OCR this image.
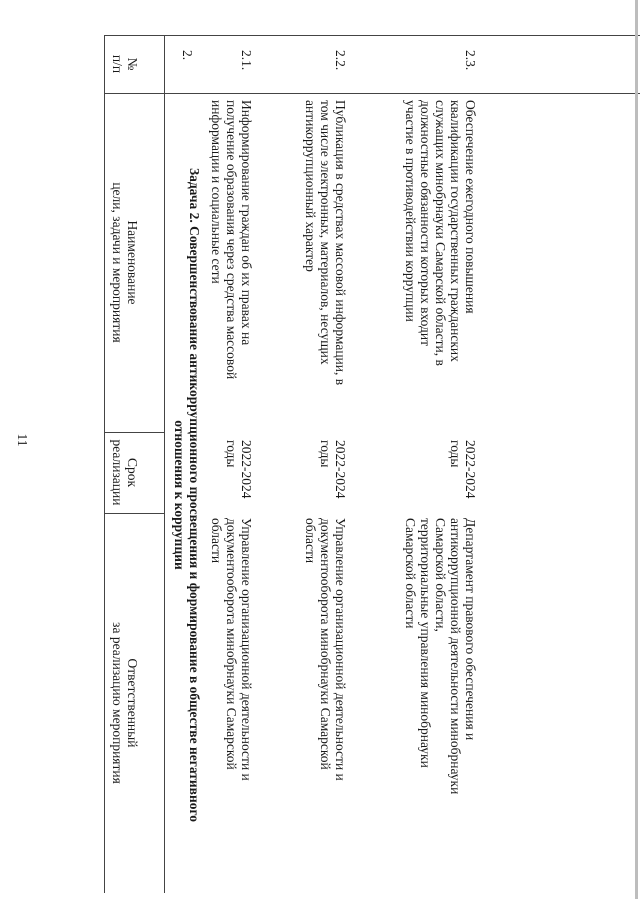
11
№
п/п
Наименование
цели, задачи и мероприятия
Срок
реализации
Ответственный
за реализацию мероприятия
2.
Задача 2. Совершенствование антикоррупционного просвещения и формирование в обществе негативного
отношения к коррупции
2.1.
Информирование граждан об их правах на
получение образования через средства массовой
информации и социальные сети
2022-2024
годы
Управление организационной деятельности и
документооборота минобрнауки Самарской
области
2.2.
Публикация в средствах массовой информации, в
том числе электронных, материалов, несущих
антикоррупционный характер
2022-2024
годы
Управление организационной деятельности и
документооборота минобрнауки Самарской
области
2.3.
Обеспечение ежегодного повышения
квалификации государственных гражданских
служащих минобрнауки Самарской области, в
должностные обязанности которых входит
участие в противодействии коррупции
2022-2024
годы
Департамент правового обеспечения и
антикоррупционной деятельности минобрнауки
Самарской области,
территориальные управления минобрнауки
Самарской области
